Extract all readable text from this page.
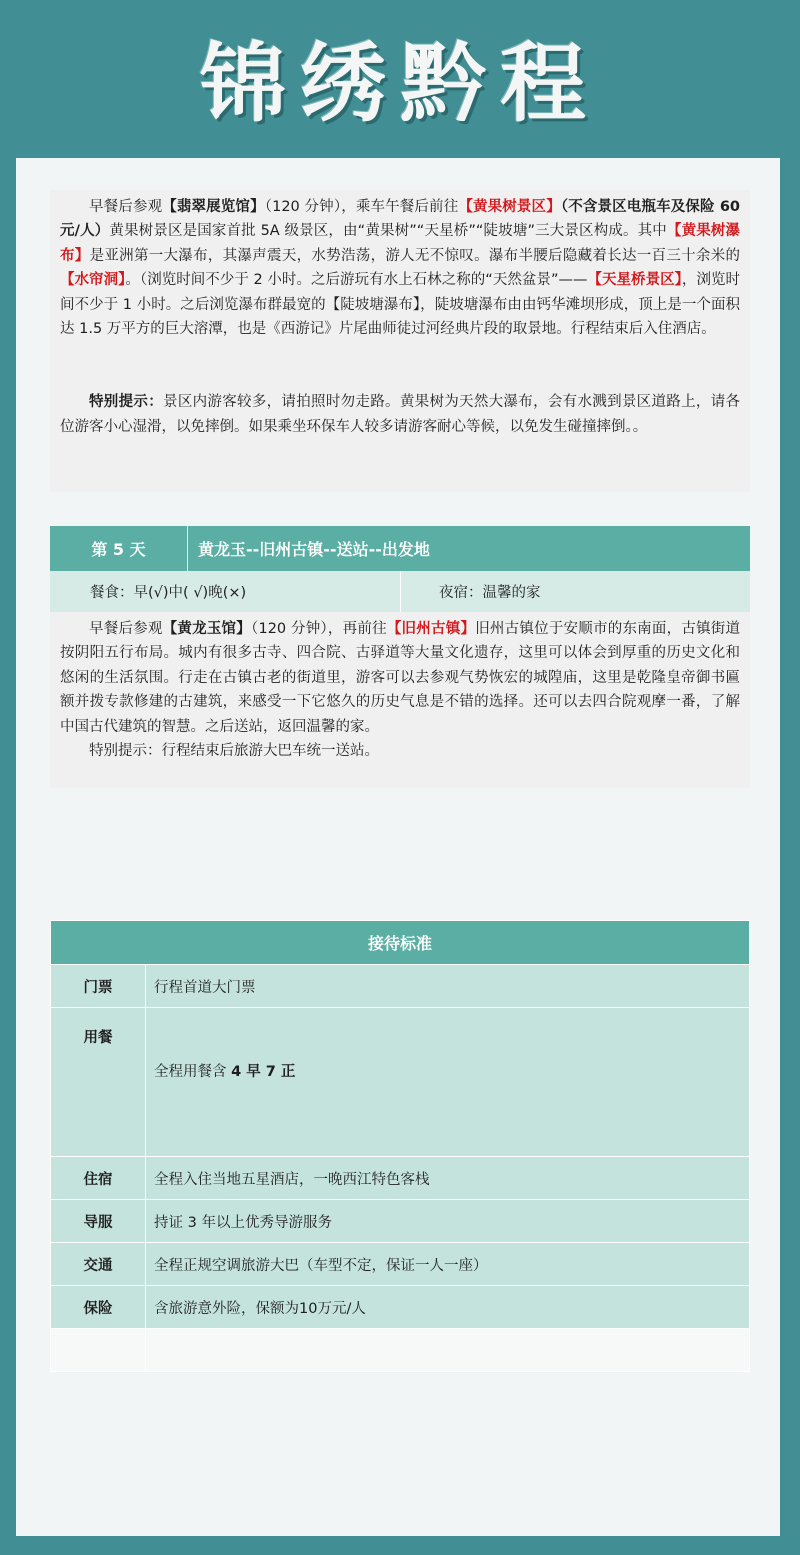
锦绣黔程

早餐后参观【翡翠展览馆】（120 分钟），乘车午餐后前往【黄果树景区】（不含景区电瓶车及保险 60 元/人）黄果树景区是国家首批 5A 级景区，由“黄果树”“天星桥”“陡坡塘”三大景区构成。其中【黄果树瀑布】是亚洲第一大瀑布，其瀑声震天，水势浩荡，游人无不惊叹。瀑布半腰后隐藏着长达一百三十余米的【水帘洞】。（浏览时间不少于 2 小时。之后游玩有水上石林之称的“天然盆景”——【天星桥景区】，浏览时间不少于 1 小时。之后浏览瀑布群最宽的【陡坡塘瀑布】，陡坡塘瀑布由由钙华滩坝形成，顶上是一个面积达 1.5 万平方的巨大溶潭，也是《西游记》片尾曲师徒过河经典片段的取景地。行程结束后入住酒店。

特别提示：景区内游客较多，请拍照时勿走路。黄果树为天然大瀑布，会有水溅到景区道路上，请各位游客小心湿滑，以免摔倒。如果乘坐环保车人较多请游客耐心等候，以免发生碰撞摔倒。。

第 5 天	黄龙玉--旧州古镇--送站--出发地
餐食：早(√)中( √)晚(×)	夜宿：温馨的家

早餐后参观【黄龙玉馆】（120 分钟），再前往【旧州古镇】旧州古镇位于安顺市的东南面，古镇街道按阴阳五行布局。城内有很多古寺、四合院、古驿道等大量文化遗存，这里可以体会到厚重的历史文化和悠闲的生活氛围。行走在古镇古老的街道里，游客可以去参观气势恢宏的城隍庙，这里是乾隆皇帝御书匾额并拨专款修建的古建筑，来感受一下它悠久的历史气息是不错的选择。还可以去四合院观摩一番，了解中国古代建筑的智慧。之后送站，返回温馨的家。

特别提示：行程结束后旅游大巴车统一送站。

接待标准	
门票	行程首道大门票
用餐	全程用餐含 4 早 7 正
住宿	全程入住当地五星酒店，一晚西江特色客栈
导服	持证 3 年以上优秀导游服务
交通	全程正规空调旅游大巴（车型不定，保证一人一座）
保险	含旅游意外险，保额为10万元/人
